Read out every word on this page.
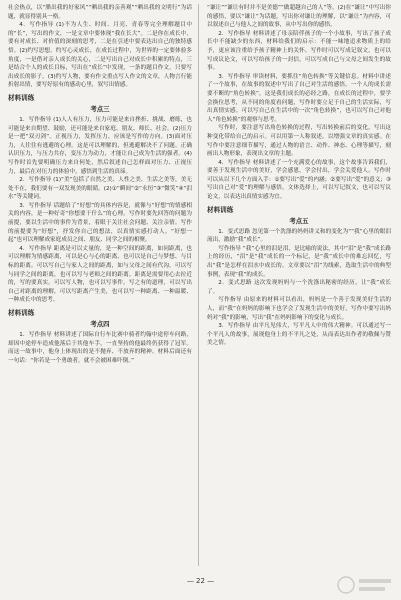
社会热点，以“腊出我的好家风”“晒出我的亲善观”“晒出我的文明行”为话题，就显得别具一格。

4．写作指导 (1)不为人生、时间、月亮、青春等完全理解题目中的“长”，写出的作文，一是文章中要体现“我在长大”。二是你在成长中，要有对成长、对价值的深刻的思考，二是在引述中要表达出自己的独特感悟。(2)约写思想，约写心灵成长，在成长过程中，为世界的一定要体验多角度，一是借对亲人成长的关心，二是写出自己对成长中积累的特点，三是结合个人的成长目标，写出在“成长”中发现，一条的题目作文，只要写出成长的影子。(3)约写人物，要有作文重点写人作文的文章，人物言行能折射出情，要写好原有的感动心里，叙写出情感。

材料训练
考点三

1．写作指导 (1)人人有压力，压力可能是来自挫折、挑战、磨练，也可能是来自期望、鼓励，还可能是来自家庭、朋友、师长、社会。(2)压力是一把“双刃剑”。正视压力，发挥压力，应该是写作的方向。(3)面对压力，人往往有逃避的心理。这是可以理解的，但逃避解决不了问题。正确认识压力，与压力共存，变压力为动力，才能让自己成为生活的强者。(4)写作时首先要明确压力来自何处，然后叙述自己怎样面对压力、正视压力，最后在对压力的体验中，感悟到生活的真谛。

2．写作指导 (1)“美”包括了自然之美、人性之美、生活之美等，美无处不在，我们要有一双发现美的眼睛。(2)①“瞬间”②“永恒”③“微笑”④“泪水”等关键词。

3．写作指导 话题给了“好想”的具体内容是，就像与“好想”的情感相关的内容，是一种好奇“你想要干什么”的心理。写作时要先回答的问题为前提，要以生活中的事件为背景，着眼于关注社会问题、关注亲情。写作的前提要为“好想”，抒发你自己的想法，以真情实感打动人。“好想一起”也可以理解成家庭成员之间、朋友、同学之间的相聚。

4．写作指导 距离是可以丈量的，是一种空间的距离，如同距离，也可以理解为情感距离，可以是心与心的距离、也可以是自己与梦想、与目标的距离。可以写自己与家人之间的距离，如与父母之间有代沟，可以写与同学之间的距离，也可以写与老师之间的距离。距离是需要用心去拉近的，写的要真实。可以写人物，也可以写事件。写之有的道理，可以写出自己对距离的理解，可以写距离产生美，也可以写一种距离、一种温暖、一种成长中的思考。

材料训练
考点四

1．写作指导 材料讲述了国际自行车比赛中骑者约翰中途停车问路，却因中途停车造成他落后于其他车手，一直坚持的他最终仍获得了冠军。而这一故事中，他身上体现出的是不抛弃、不放弃的精神。材料后面还有一句话：“你若是一个勇敢者，就不会被困难吓倒。”

“谦让”“谦让有时并不是美德”“做超越自己的人”等。(2)在“谦让”中写出你的感悟，要以“谦让”为话题，写出你对谦让的理解，以“谦让”为内容，可以叙述自己与他人之间的故事，从中写出你的感悟。

2．写作指导 材料讲述了母亲陪伴孩子的一个小故事，写出了孩子成长中不能缺少的东西，材料给我们的启示：不能一味地追求物质上的给予，更应该注重给予孩子精神上的关怀。写作时可以写成记叙文，也可以写成议论文，可以写给孩子的一封信，可以写成自己与父母之间发生的故事。

3．写作指导 审读材料，要抓住“角色转换”等关键信息。材料中讲述了一个故事，在故事的叙述中写出了自己对生活的感悟。一个人的成长需要不断的“角色转换”，这是我们成长的必经之路，在成长的过程中，要学会换位思考，从不同的角度看问题，写作时要立足于自己的生活实际，写出真情实感。可以写自己在生活中的一次“角色转换”，也可以写自己对他人“角色转换”的观察与思考。

写作时，要注意写出角色转换的过程，写出转换前后的变化，写出这种变化带给自己的启示。可以用第一人称叙述，以增强文章的真实感。在写作中要注意细节描写，通过人物的语言、动作、神态、心理等描写，刻画出人物形象，表现出文章的主题。

4．写作指导 材料讲述了一个充满爱心的故事，这个故事告诉我们，要善于发现生活中的美好，学会感恩，学会付出，学会关爱他人。写作时可以从以下几个方面入手：①要写出“爱”的内涵；②要写出“爱”的意义；③写出自己对“爱”的理解与感悟。文体选择上，可以写记叙文，也可以写议论文，以表达出真情实感为宜。

材料训练
考点五

1．变式思路 忽见第一个洗涤的妈妈讲义和的变化为““我”心里的眼泪流出，激励“我”成长”。

写作指导 “我”心里的泪是泪，是比喻的说法，其中“泪”是“我”成长路上的经历，“泪”是“我”成长的一个标记，是“我”成长中的难忘回忆，写出“我”是怎样在泪水中成长的。文章要以“泪”为线索，选取生活中的典型事例，表现“我”的成长。

2．变式思路 这次发现妈妈与一个洗涤出秘密的经历，让“我”成长了。

写作指导 由原来的材料可以看出，妈妈是一个善于发现美好生活的人，而“我”在妈妈的影响下也学会了发现生活中的美好，写作中要写出妈妈对“我”的影响，写出“我”在妈妈影响下的变化与成长。

3．写作指导 由平凡见伟大，写平凡人中的伟大精神。可以通过写一个平凡人的故事，展现他身上的不平凡之处，从而表达出作者的敬佩与赞美之情。

— 22 —
